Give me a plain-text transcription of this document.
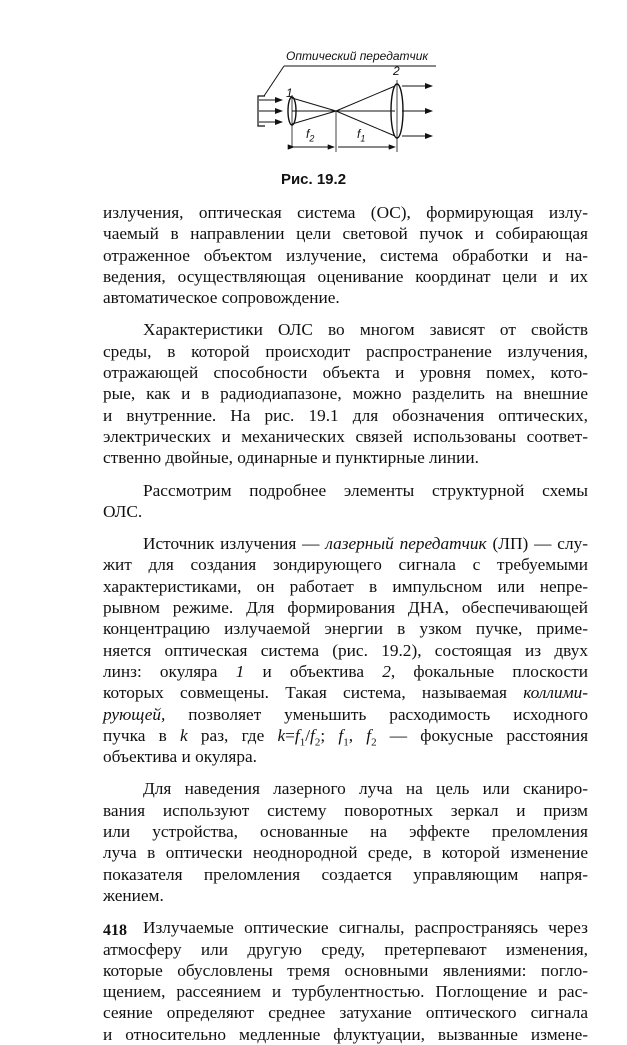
Оптический передатчик
1
2
$f_2$	$f_1$
Рис. 19.2
излучения, оптическая система (ОС), формирующая излу-
чаемый в направлении цели световой пучок и собирающая
отраженное объектом излучение, система обработки и на-
ведения, осуществляющая оценивание координат цели и их
автоматическое сопровождение.
Характеристики ОЛС во многом зависят от свойств
среды, в которой происходит распространение излучения,
отражающей способности объекта и уровня помех, кото-
рые, как и в радиодиапазоне, можно разделить на внешние
и внутренние. На рис. 19.1 для обозначения оптических,
электрических и механических связей использованы соответ-
ственно двойные, одинарные и пунктирные линии.
Рассмотрим подробнее элементы структурной схемы
ОЛС.
Источник излучения — лазерный передатчик (ЛП) — слу-
жит для создания зондирующего сигнала с требуемыми
характеристиками, он работает в импульсном или непре-
рывном режиме. Для формирования ДНА, обеспечивающей
концентрацию излучаемой энергии в узком пучке, приме-
няется оптическая система (рис. 19.2), состоящая из двух
линз: окуляра 1 и объектива 2, фокальные плоскости
которых совмещены. Такая система, называемая коллими-
рующей, позволяет уменьшить расходимость исходного
пучка в k раз, где $k=f_1/f_2$; $f_1$, $f_2$ — фокусные расстояния
объектива и окуляра.
Для наведения лазерного луча на цель или сканиро-
вания используют систему поворотных зеркал и призм
или устройства, основанные на эффекте преломления
луча в оптически неоднородной среде, в которой изменение
показателя преломления создается управляющим напря-
жением.
Излучаемые оптические сигналы, распространяясь через
атмосферу или другую среду, претерпевают изменения,
которые обусловлены тремя основными явлениями: погло-
щением, рассеянием и турбулентностью. Поглощение и рас-
сеяние определяют среднее затухание оптического сигнала
и относительно медленные флуктуации, вызванные измене-
418
